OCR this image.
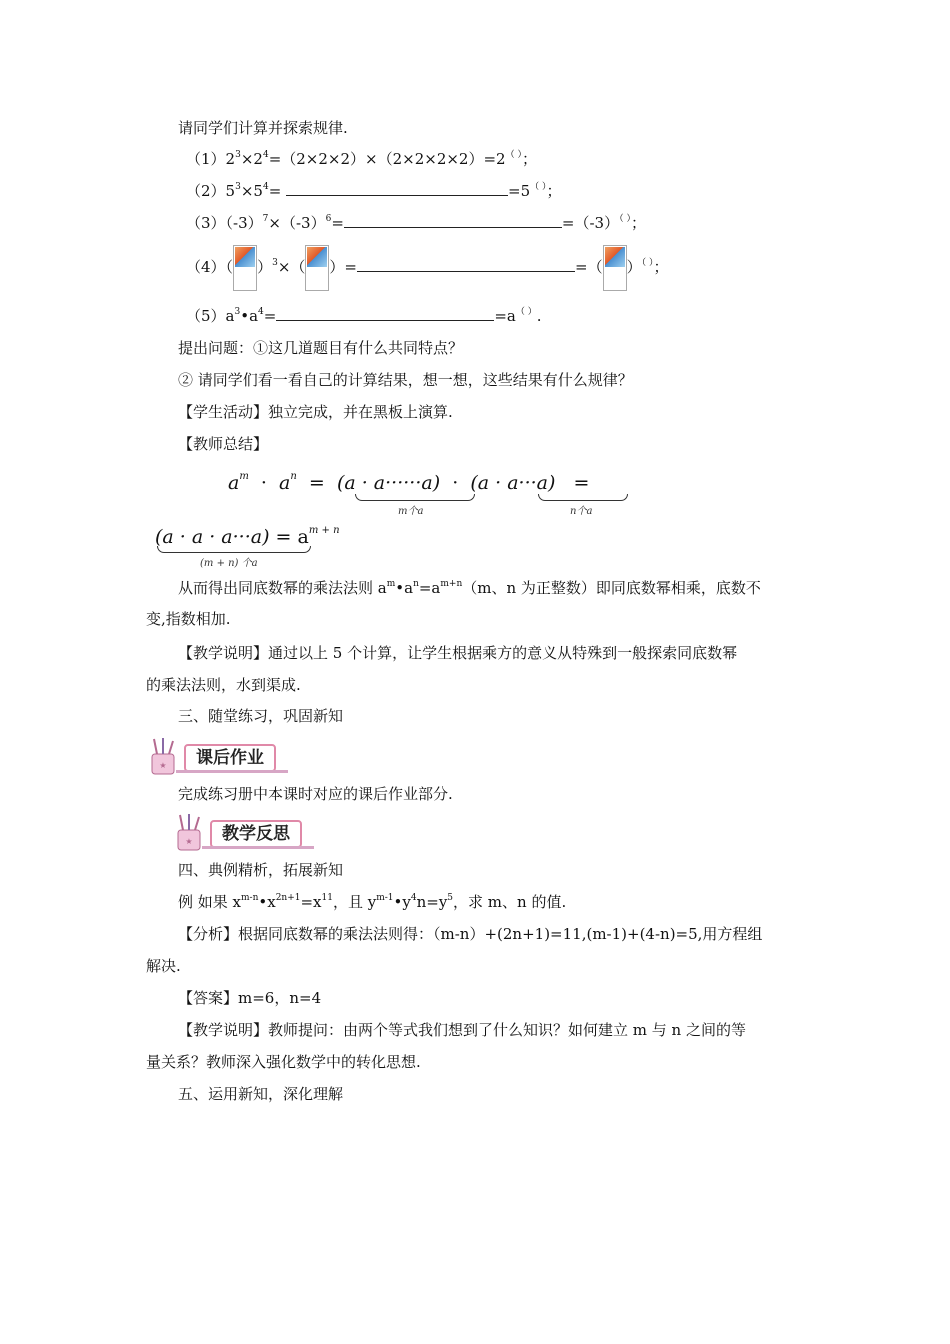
请同学们计算并探索规律.
$(1)2^3\times 2^4=(2\times 2\times 2)\times(2\times 2\times 2\times 2)=2^{( )}$；
$(2)5^3\times 5^4=$	=5（ ）；
$(3)(-3)^7\times(-3)^6=$	=（-3）（ ）；
（4）（ ）$^3$×（ ）=	=（ ）（ ）；
$(5)a^3•a^4=$	=a（ ）.
提出问题：①这几道题目有什么共同特点？
② 请同学们看一看自己的计算结果，想一想，这些结果有什么规律？
【学生活动】独立完成，并在黑板上演算.
【教师总结】
$a^m \cdot a^n = (a \cdot a\cdot\cdot\cdot\cdot\cdot\cdot a) \cdot (a \cdot a\cdot\cdot\cdot a)$ =
m个a	n个a
$(a \cdot a \cdot a\cdot\cdot\cdot a) = a^{m + n}$
(m + n) 个a
从而得出同底数幂的乘法法则 $a^m•a^n=a^{m+n}(m$、n 为正整数）即同底数幂相乘，底数不
变,指数相加.
【教学说明】通过以上 5 个计算，让学生根据乘方的意义从特殊到一般探索同底数幂
的乘法法则，水到渠成.
三、随堂练习，巩固新知
★	课后作业
完成练习册中本课时对应的课后作业部分.
★	教学反思
四、典例精析，拓展新知
例 如果 $x^{m-n}•x^{2n+1}=x^{11}$，且 $y^{m-1}•y^4n=y^5$，求 m、n 的值.
【分析】根据同底数幂的乘法法则得：（m-n）+(2n+1)=11,(m-1)+(4-n)=5,用方程组
解决.
【答案】m=6，n=4
【教学说明】教师提问：由两个等式我们想到了什么知识？如何建立 m 与 n 之间的等
量关系？教师深入强化数学中的转化思想.
五、运用新知，深化理解
